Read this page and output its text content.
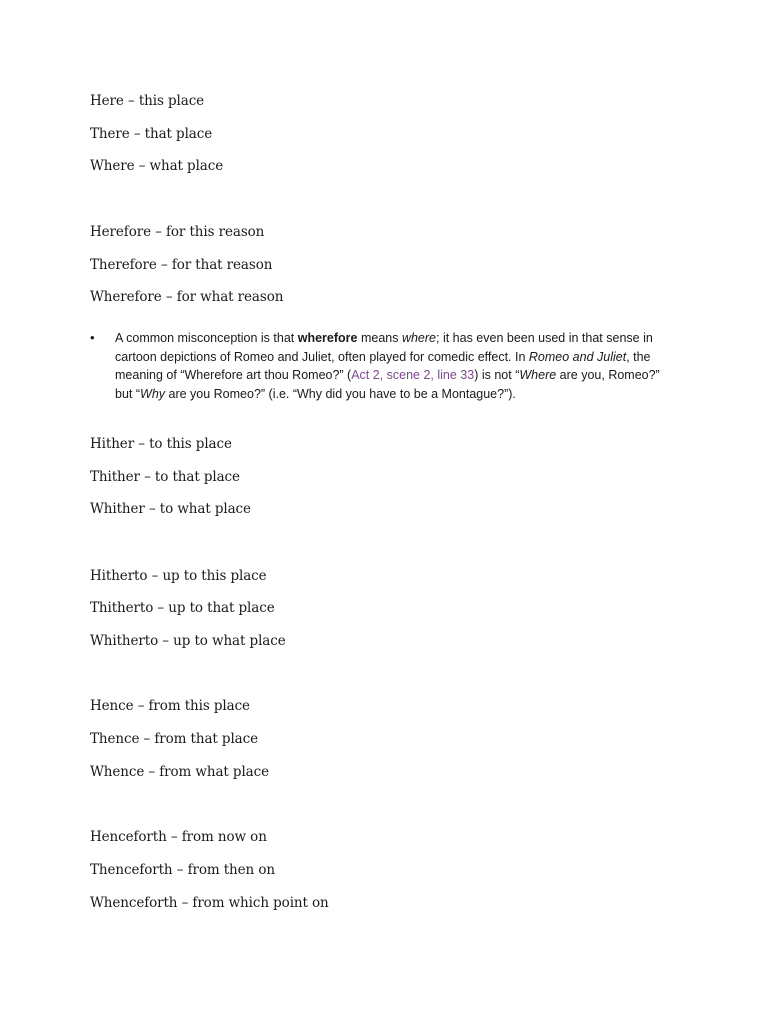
Here – this place
There – that place
Where – what place
Herefore – for this reason
Therefore – for that reason
Wherefore – for what reason
•	A common misconception is that wherefore means where; it has even been used in that sense in
cartoon depictions of Romeo and Juliet, often played for comedic effect. In Romeo and Juliet, the
meaning of “Wherefore art thou Romeo?” (Act 2, scene 2, line 33) is not “Where are you, Romeo?”
but “Why are you Romeo?” (i.e. “Why did you have to be a Montague?”).
Hither – to this place
Thither – to that place
Whither – to what place
Hitherto – up to this place
Thitherto – up to that place
Whitherto – up to what place
Hence – from this place
Thence – from that place
Whence – from what place
Henceforth – from now on
Thenceforth – from then on
Whenceforth – from which point on
